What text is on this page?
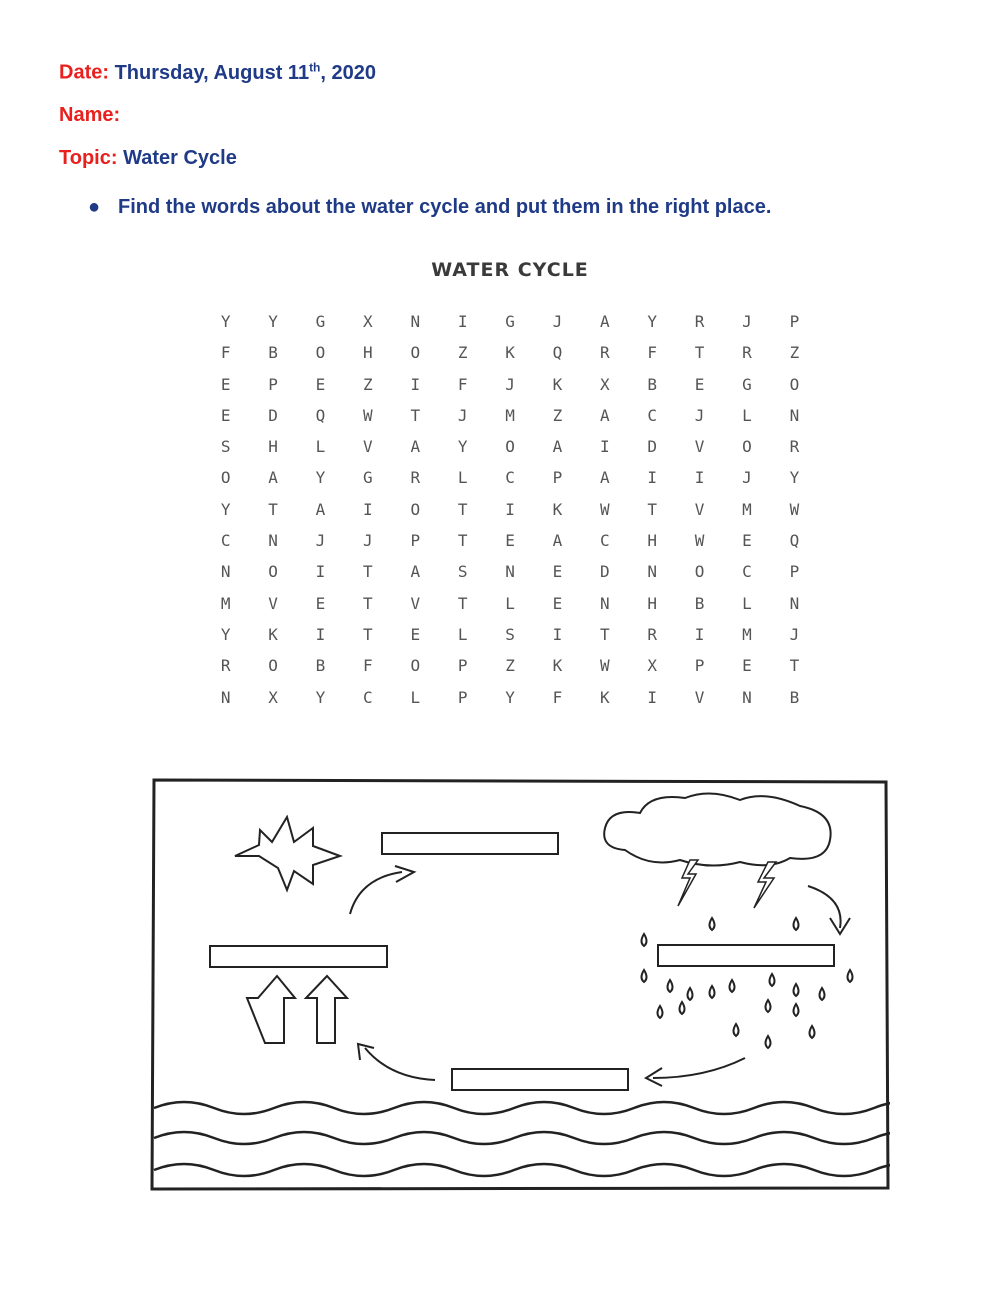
Date: Thursday, August 11th, 2020
Name:
Topic: Water Cycle
● Find the words about the water cycle and put them in the right place.
WATER CYCLE
Y	Y	G	X	N	I	G	J	A	Y	R	J	P
F	B	O	H	O	Z	K	Q	R	F	T	R	Z
E	P	E	Z	I	F	J	K	X	B	E	G	O
E	D	Q	W	T	J	M	Z	A	C	J	L	N
S	H	L	V	A	Y	O	A	I	D	V	O	R
O	A	Y	G	R	L	C	P	A	I	I	J	Y
Y	T	A	I	O	T	I	K	W	T	V	M	W
C	N	J	J	P	T	E	A	C	H	W	E	Q
N	O	I	T	A	S	N	E	D	N	O	C	P
M	V	E	T	V	T	L	E	N	H	B	L	N
Y	K	I	T	E	L	S	I	T	R	I	M	J
R	O	B	F	O	P	Z	K	W	X	P	E	T
N	X	Y	C	L	P	Y	F	K	I	V	N	B
